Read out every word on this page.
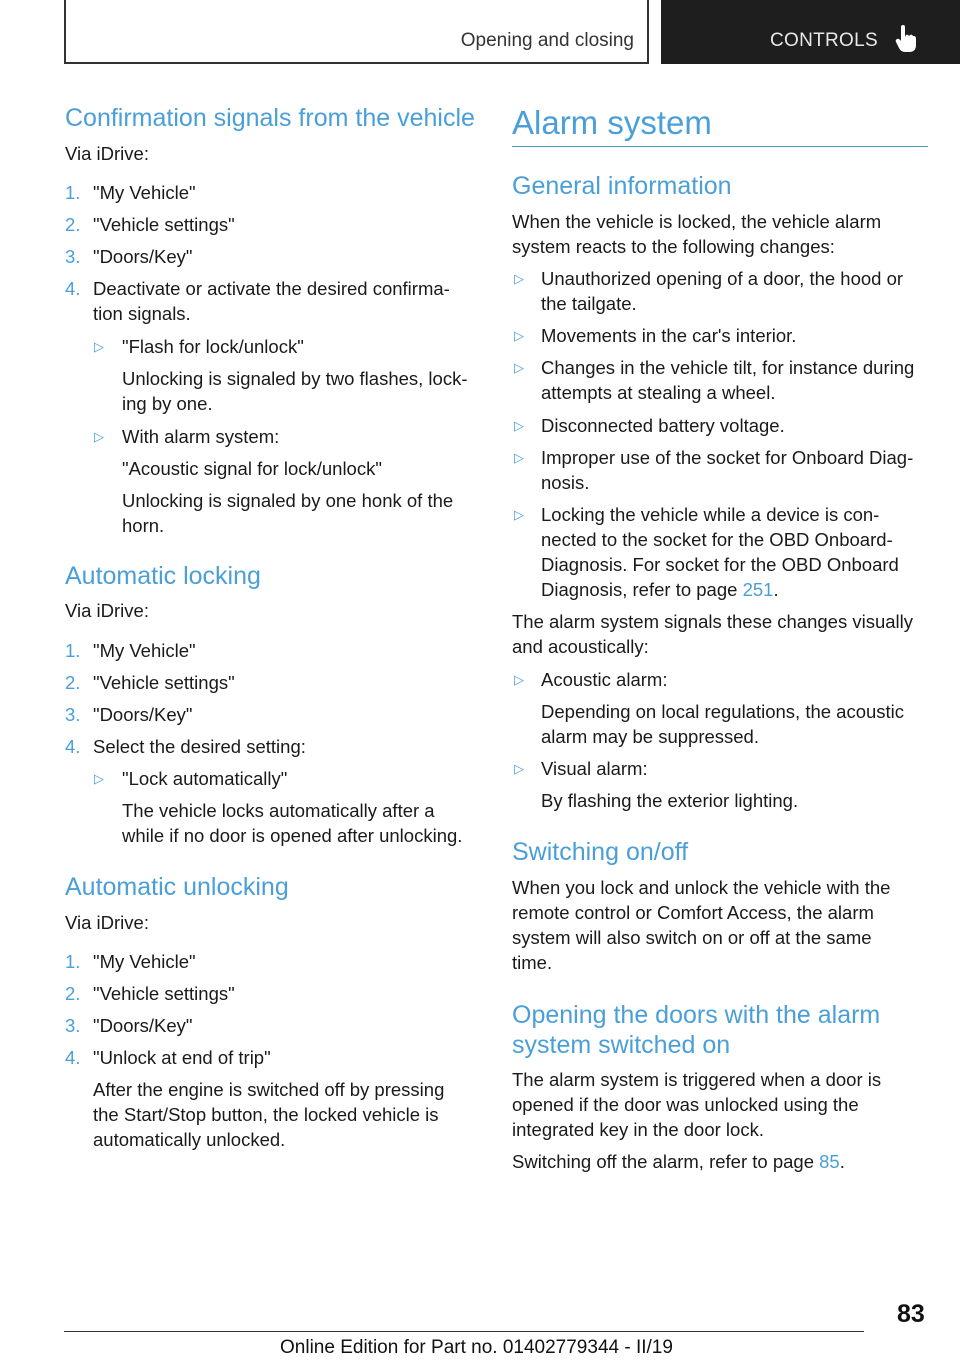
Opening and closing	CONTROLS
Confirmation signals from the vehicle
Via iDrive:
1. "My Vehicle"
2. "Vehicle settings"
3. "Doors/Key"
4. Deactivate or activate the desired confirma-
tion signals.
▷ "Flash for lock/unlock"
Unlocking is signaled by two flashes, lock-
ing by one.
▷ With alarm system:
"Acoustic signal for lock/unlock"
Unlocking is signaled by one honk of the
horn.
Automatic locking
Via iDrive:
1. "My Vehicle"
2. "Vehicle settings"
3. "Doors/Key"
4. Select the desired setting:
▷ "Lock automatically"
The vehicle locks automatically after a
while if no door is opened after unlocking.
Automatic unlocking
Via iDrive:
1. "My Vehicle"
2. "Vehicle settings"
3. "Doors/Key"
4. "Unlock at end of trip"
After the engine is switched off by pressing
the Start/Stop button, the locked vehicle is
automatically unlocked.
Alarm system
General information
When the vehicle is locked, the vehicle alarm
system reacts to the following changes:
▷ Unauthorized opening of a door, the hood or
the tailgate.
▷ Movements in the car's interior.
▷ Changes in the vehicle tilt, for instance during
attempts at stealing a wheel.
▷ Disconnected battery voltage.
▷ Improper use of the socket for Onboard Diag-
nosis.
▷ Locking the vehicle while a device is con-
nected to the socket for the OBD Onboard-
Diagnosis. For socket for the OBD Onboard
Diagnosis, refer to page 251.
The alarm system signals these changes visually
and acoustically:
▷ Acoustic alarm:
Depending on local regulations, the acoustic
alarm may be suppressed.
▷ Visual alarm:
By flashing the exterior lighting.
Switching on/off
When you lock and unlock the vehicle with the
remote control or Comfort Access, the alarm
system will also switch on or off at the same
time.
Opening the doors with the alarm
system switched on
The alarm system is triggered when a door is
opened if the door was unlocked using the
integrated key in the door lock.
Switching off the alarm, refer to page 85.
83
Online Edition for Part no. 01402779344 - II/19
